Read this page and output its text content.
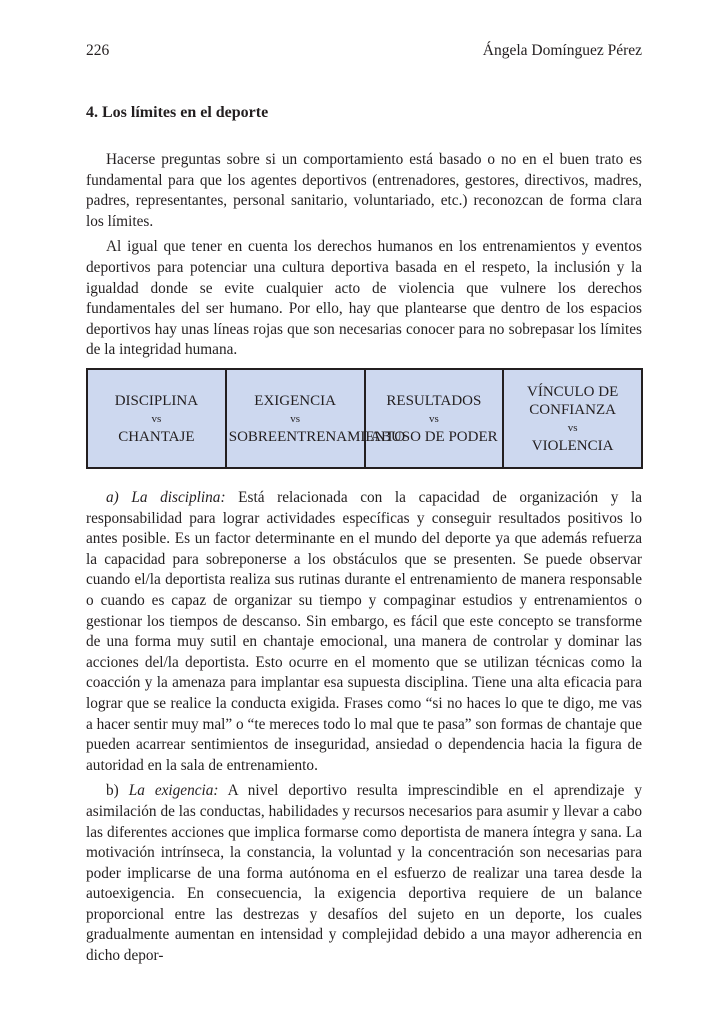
226	Ángela Domínguez Pérez
4. Los límites en el deporte

Hacerse preguntas sobre si un comportamiento está basado o no en el buen trato es fundamental para que los agentes deportivos (entrenadores, gestores, directivos, madres, padres, representantes, personal sanitario, voluntariado, etc.) reconozcan de forma clara los límites.

Al igual que tener en cuenta los derechos humanos en los entrenamientos y eventos deportivos para potenciar una cultura deportiva basada en el respeto, la inclusión y la igualdad donde se evite cualquier acto de violencia que vulnere los derechos fundamentales del ser humano. Por ello, hay que plantearse que dentro de los espacios deportivos hay unas líneas rojas que son necesarias conocer para no sobrepasar los límites de la integridad humana.

DISCIPLINA
vs
CHANTAJE

EXIGENCIA
vs
SOBREENTRENAMIENTO

RESULTADOS
vs
ABUSO DE PODER

VÍNCULO DE CONFIANZA
vs
VIOLENCIA

a) La disciplina: Está relacionada con la capacidad de organización y la responsabilidad para lograr actividades específicas y conseguir resultados positivos lo antes posible. Es un factor determinante en el mundo del deporte ya que además refuerza la capacidad para sobreponerse a los obstáculos que se presenten. Se puede observar cuando el/la deportista realiza sus rutinas durante el entrenamiento de manera responsable o cuando es capaz de organizar su tiempo y compaginar estudios y entrenamientos o gestionar los tiempos de descanso. Sin embargo, es fácil que este concepto se transforme de una forma muy sutil en chantaje emocional, una manera de controlar y dominar las acciones del/la deportista. Esto ocurre en el momento que se utilizan técnicas como la coacción y la amenaza para implantar esa supuesta disciplina. Tiene una alta eficacia para lograr que se realice la conducta exigida. Frases como “si no haces lo que te digo, me vas a hacer sentir muy mal” o “te mereces todo lo mal que te pasa” son formas de chantaje que pueden acarrear sentimientos de inseguridad, ansiedad o dependencia hacia la figura de autoridad en la sala de entrenamiento.

b) La exigencia: A nivel deportivo resulta imprescindible en el aprendizaje y asimilación de las conductas, habilidades y recursos necesarios para asumir y llevar a cabo las diferentes acciones que implica formarse como deportista de manera íntegra y sana. La motivación intrínseca, la constancia, la voluntad y la concentración son necesarias para poder implicarse de una forma autónoma en el esfuerzo de realizar una tarea desde la autoexigencia. En consecuencia, la exigencia deportiva requiere de un balance proporcional entre las destrezas y desafíos del sujeto en un deporte, los cuales gradualmente aumentan en intensidad y complejidad debido a una mayor adherencia en dicho depor-
